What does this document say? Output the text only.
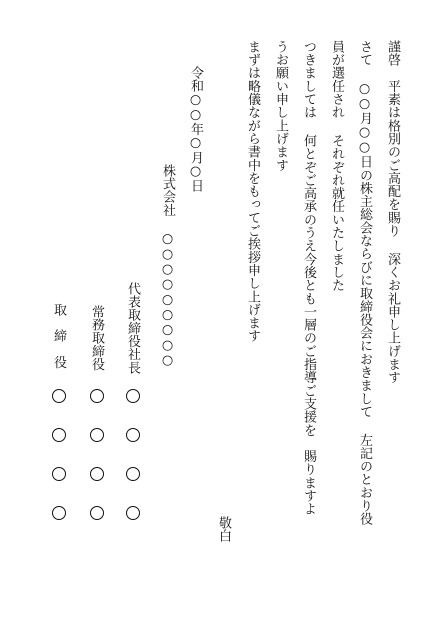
謹啓　平素は格別のご高配を賜り 深くお礼申し上げます
さて ○○月○○日の株主総会ならびに取締役会におきまして 左記のとおり役
員が選任され それぞれ就任いたしました
つきましては 何とぞご高承のうえ今後とも一層のご指導ご支援を　賜りますよ
うお願い申し上げます
まずは略儀ながら書中をもってご挨拶申し上げます
敬白
令和○○年○月○日
株式会社 ○○○○○○○○○
代表取締役社長
常務取締役
取　締　役
